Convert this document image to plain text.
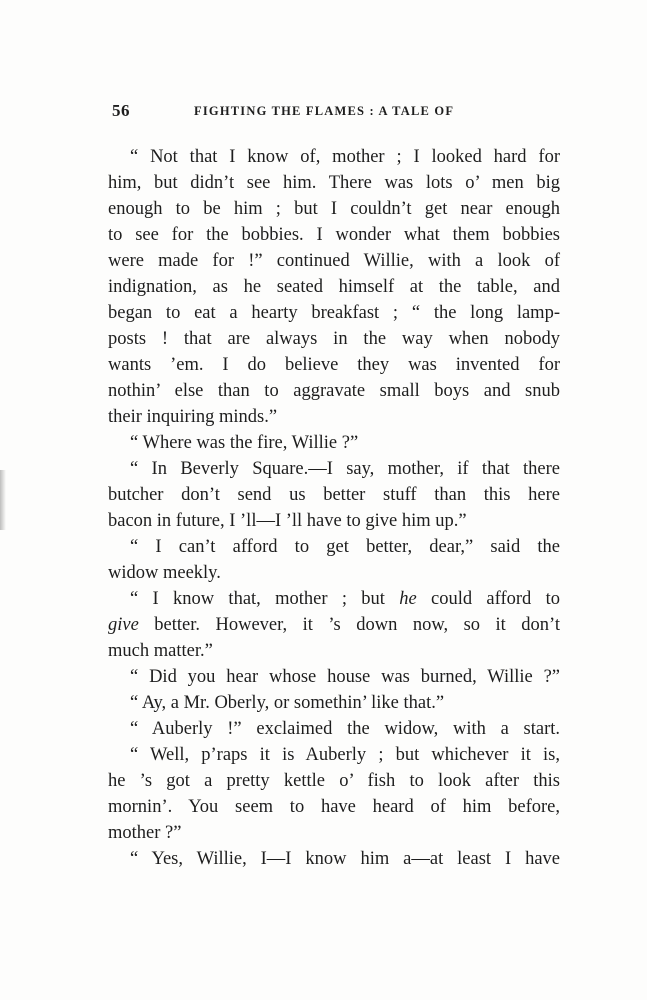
56	FIGHTING THE FLAMES : A TALE OF
“ Not that I know of, mother ; I looked hard for
him, but didn’t see him. There was lots o’ men big
enough to be him ; but I couldn’t get near enough
to see for the bobbies. I wonder what them bobbies
were made for !” continued Willie, with a look of
indignation, as he seated himself at the table, and
began to eat a hearty breakfast ; “ the long lamp-
posts ! that are always in the way when nobody
wants ’em. I do believe they was invented for
nothin’ else than to aggravate small boys and snub
their inquiring minds.”
“ Where was the fire, Willie ?”
“ In Beverly Square.—I say, mother, if that there
butcher don’t send us better stuff than this here
bacon in future, I ’ll—I ’ll have to give him up.”
“ I can’t afford to get better, dear,” said the
widow meekly.
“ I know that, mother ; but he could afford to
give better. However, it ’s down now, so it don’t
much matter.”
“ Did you hear whose house was burned, Willie ?”
“ Ay, a Mr. Oberly, or somethin’ like that.”
“ Auberly !” exclaimed the widow, with a start.
“ Well, p’raps it is Auberly ; but whichever it is,
he ’s got a pretty kettle o’ fish to look after this
mornin’. You seem to have heard of him before,
mother ?”
“ Yes, Willie, I—I know him a—at least I have
